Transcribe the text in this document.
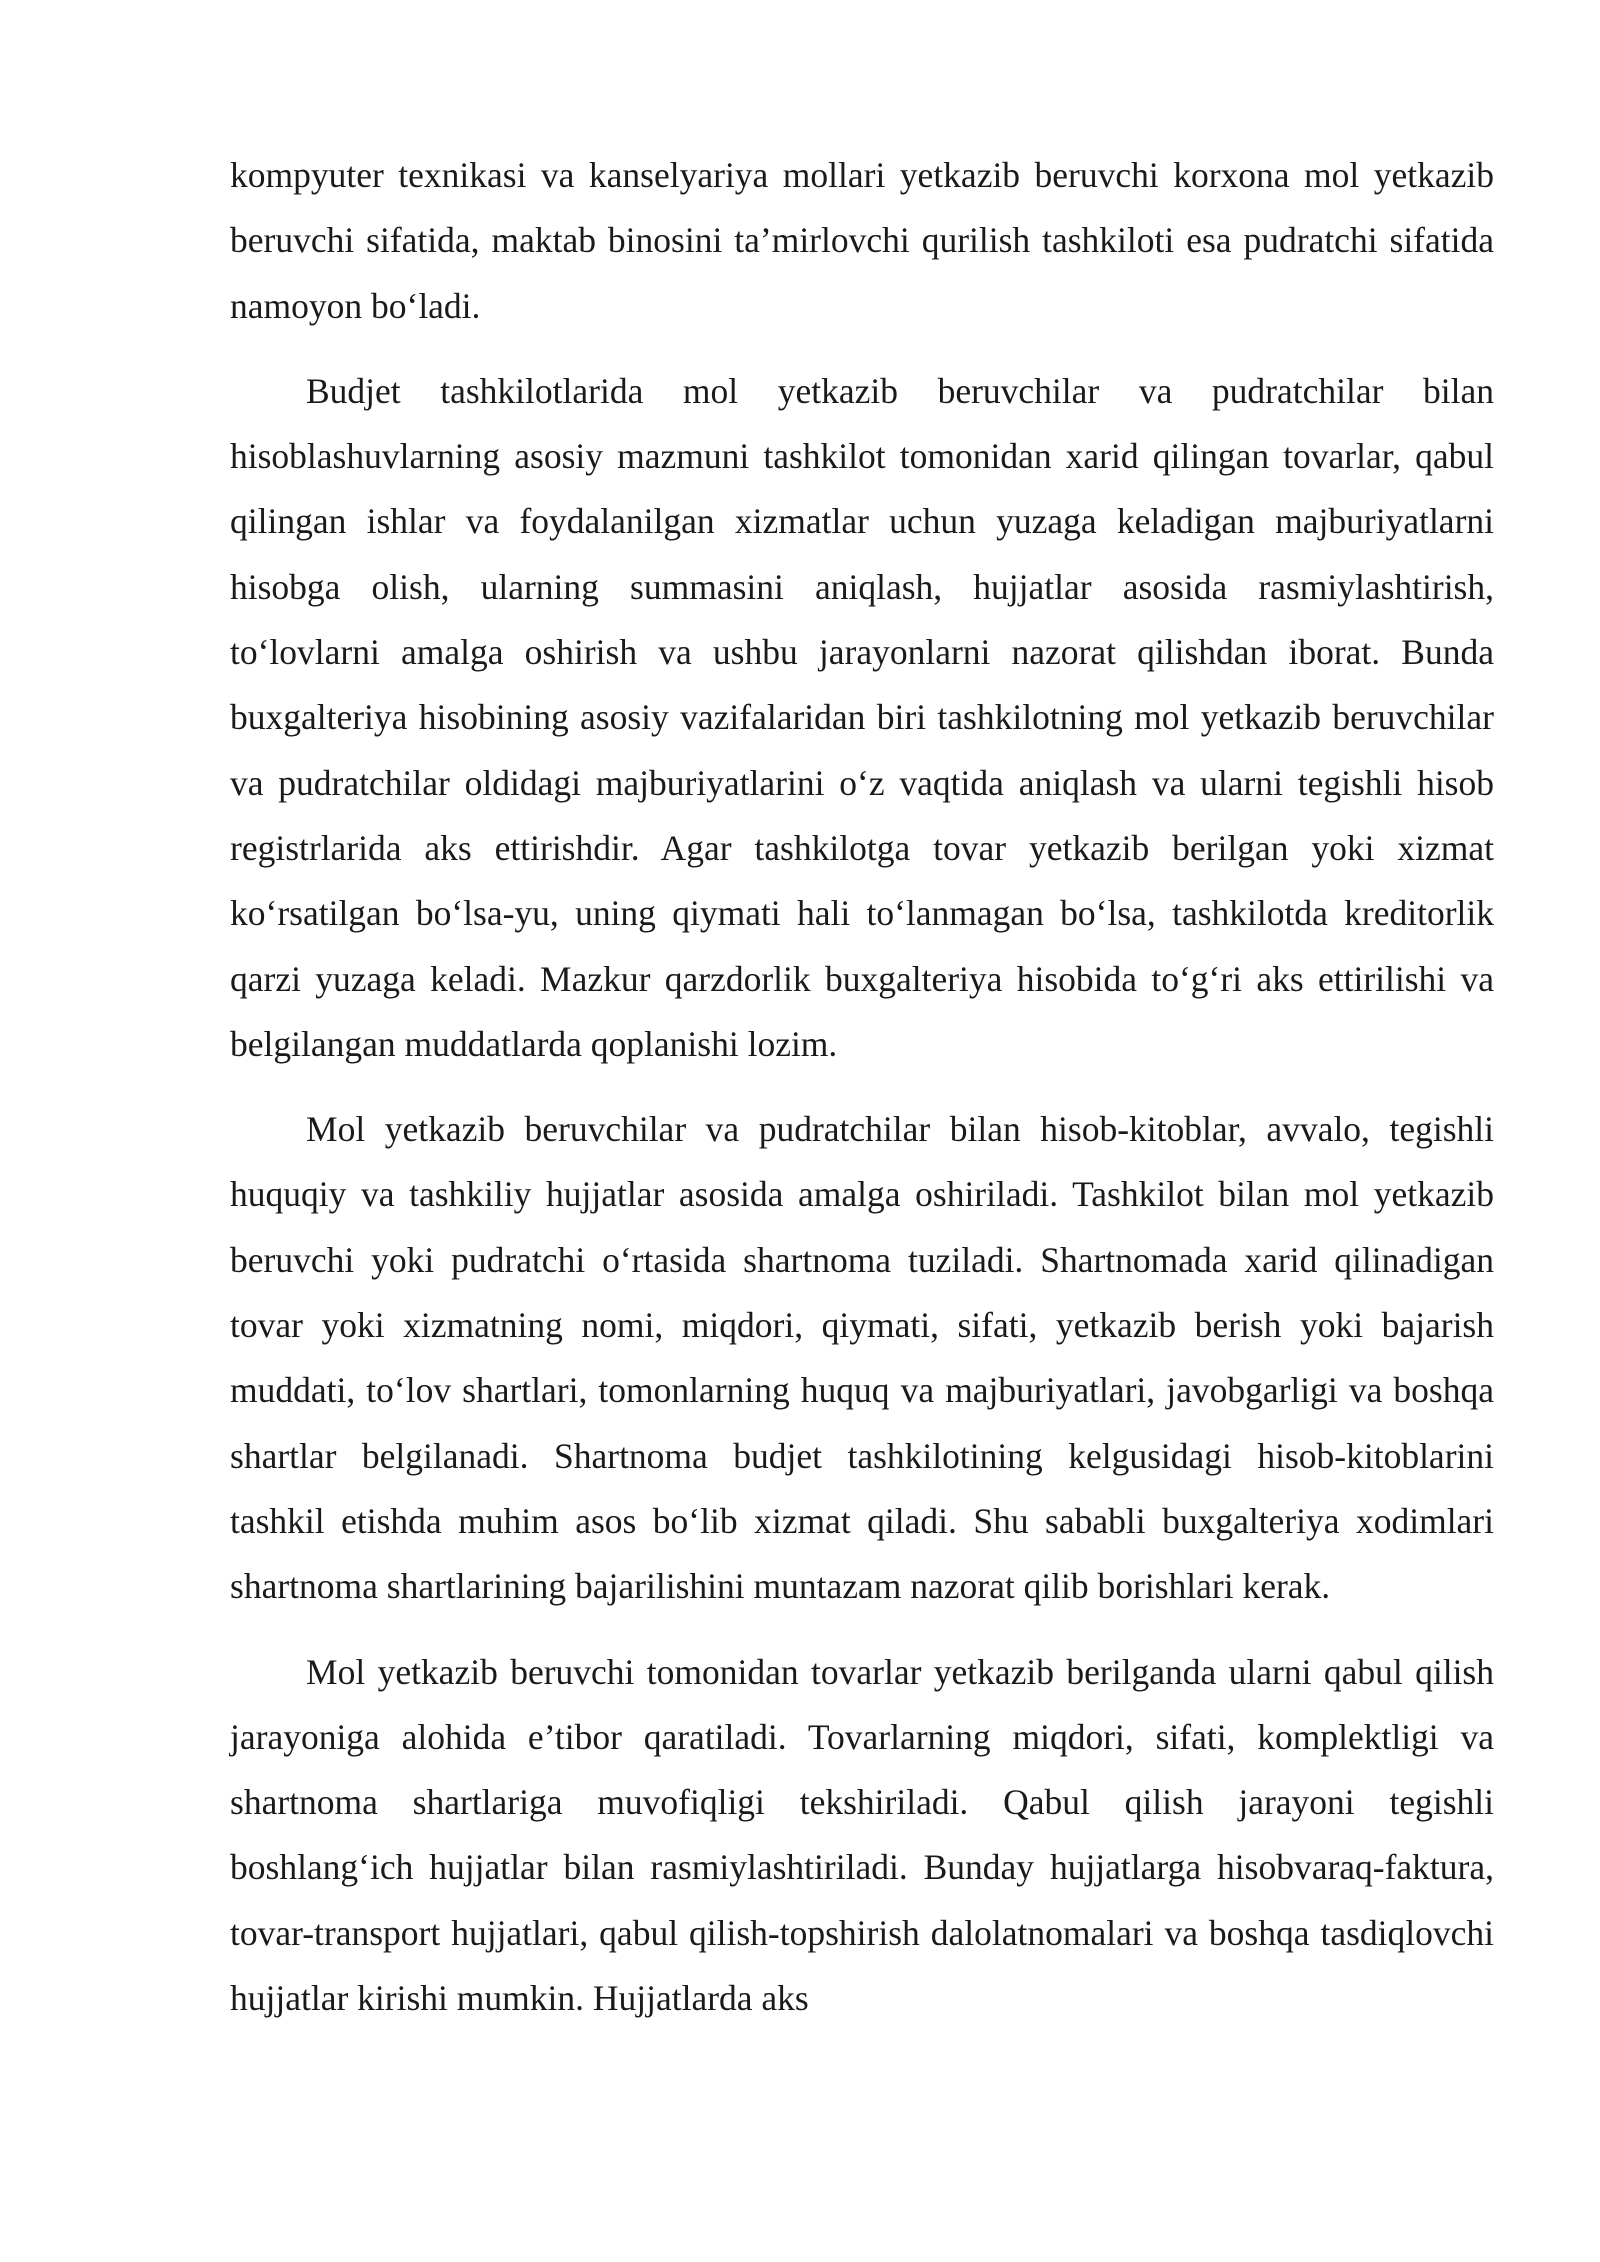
kompyuter texnikasi va kanselyariya mollari yetkazib beruvchi korxona mol yetkazib beruvchi sifatida, maktab binosini ta’mirlovchi qurilish tashkiloti esa pudratchi sifatida namoyon bo‘ladi.

Budjet tashkilotlarida mol yetkazib beruvchilar va pudratchilar bilan hisoblashuvlarning asosiy mazmuni tashkilot tomonidan xarid qilingan tovarlar, qabul qilingan ishlar va foydalanilgan xizmatlar uchun yuzaga keladigan majburiyatlarni hisobga olish, ularning summasini aniqlash, hujjatlar asosida rasmiylashtirish, to‘lovlarni amalga oshirish va ushbu jarayonlarni nazorat qilishdan iborat. Bunda buxgalteriya hisobining asosiy vazifalaridan biri tashkilotning mol yetkazib beruvchilar va pudratchilar oldidagi majburiyatlarini o‘z vaqtida aniqlash va ularni tegishli hisob registrlarida aks ettirishdir. Agar tashkilotga tovar yetkazib berilgan yoki xizmat ko‘rsatilgan bo‘lsa-yu, uning qiymati hali to‘lanmagan bo‘lsa, tashkilotda kreditorlik qarzi yuzaga keladi. Mazkur qarzdorlik buxgalteriya hisobida to‘g‘ri aks ettirilishi va belgilangan muddatlarda qoplanishi lozim.

Mol yetkazib beruvchilar va pudratchilar bilan hisob-kitoblar, avvalo, tegishli huquqiy va tashkiliy hujjatlar asosida amalga oshiriladi. Tashkilot bilan mol yetkazib beruvchi yoki pudratchi o‘rtasida shartnoma tuziladi. Shartnomada xarid qilinadigan tovar yoki xizmatning nomi, miqdori, qiymati, sifati, yetkazib berish yoki bajarish muddati, to‘lov shartlari, tomonlarning huquq va majburiyatlari, javobgarligi va boshqa shartlar belgilanadi. Shartnoma budjet tashkilotining kelgusidagi hisob-kitoblarini tashkil etishda muhim asos bo‘lib xizmat qiladi. Shu sababli buxgalteriya xodimlari shartnoma shartlarining bajarilishini muntazam nazorat qilib borishlari kerak.

Mol yetkazib beruvchi tomonidan tovarlar yetkazib berilganda ularni qabul qilish jarayoniga alohida e’tibor qaratiladi. Tovarlarning miqdori, sifati, komplektligi va shartnoma shartlariga muvofiqligi tekshiriladi. Qabul qilish jarayoni tegishli boshlang‘ich hujjatlar bilan rasmiylashtiriladi. Bunday hujjatlarga hisobvaraq-faktura, tovar-transport hujjatlari, qabul qilish-topshirish dalolatnomalari va boshqa tasdiqlovchi hujjatlar kirishi mumkin. Hujjatlarda aks
